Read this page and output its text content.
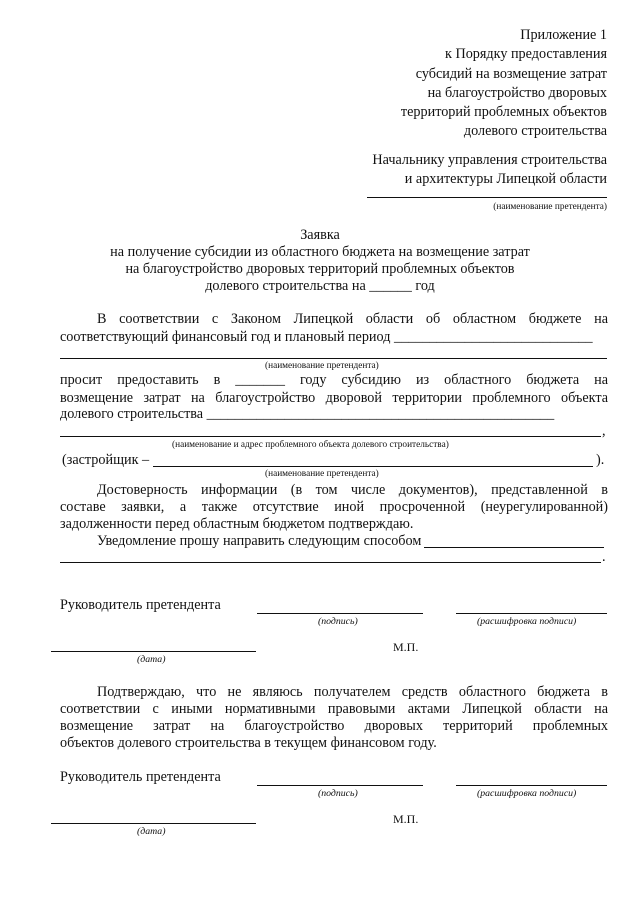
Приложение 1
к Порядку предоставления
субсидий на возмещение затрат
на благоустройство дворовых
территорий проблемных объектов
долевого строительства
Начальнику управления строительства
и архитектуры Липецкой области
(наименование претендента)
Заявка
на получение субсидии из областного бюджета на возмещение затрат
на благоустройство дворовых территорий проблемных объектов
долевого строительства на ______ год
В соответствии с Законом Липецкой области об областном бюджете на
соответствующий финансовый год и плановый период ____________________________
(наименование претендента)
просит предоставить в _______ году субсидию из областного бюджета на
возмещение затрат на благоустройство дворовой территории проблемного объекта
долевого строительства _________________________________________________
,
(наименование и адрес проблемного объекта долевого строительства)
(застройщик –	).
(наименование претендента)
Достоверность информации (в том числе документов), представленной в
составе заявки, а также отсутствие иной просроченной (неурегулированной)
задолженности перед областным бюджетом подтверждаю.
Уведомление прошу направить следующим способом
.
Руководитель претендента
(подпись)	(расшифровка подписи)
М.П.
(дата)
Подтверждаю, что не являюсь получателем средств областного бюджета в
соответствии с иными нормативными правовыми актами Липецкой области на
возмещение затрат на благоустройство дворовых территорий проблемных
объектов долевого строительства в текущем финансовом году.
Руководитель претендента
(подпись)	(расшифровка подписи)
М.П.
(дата)
